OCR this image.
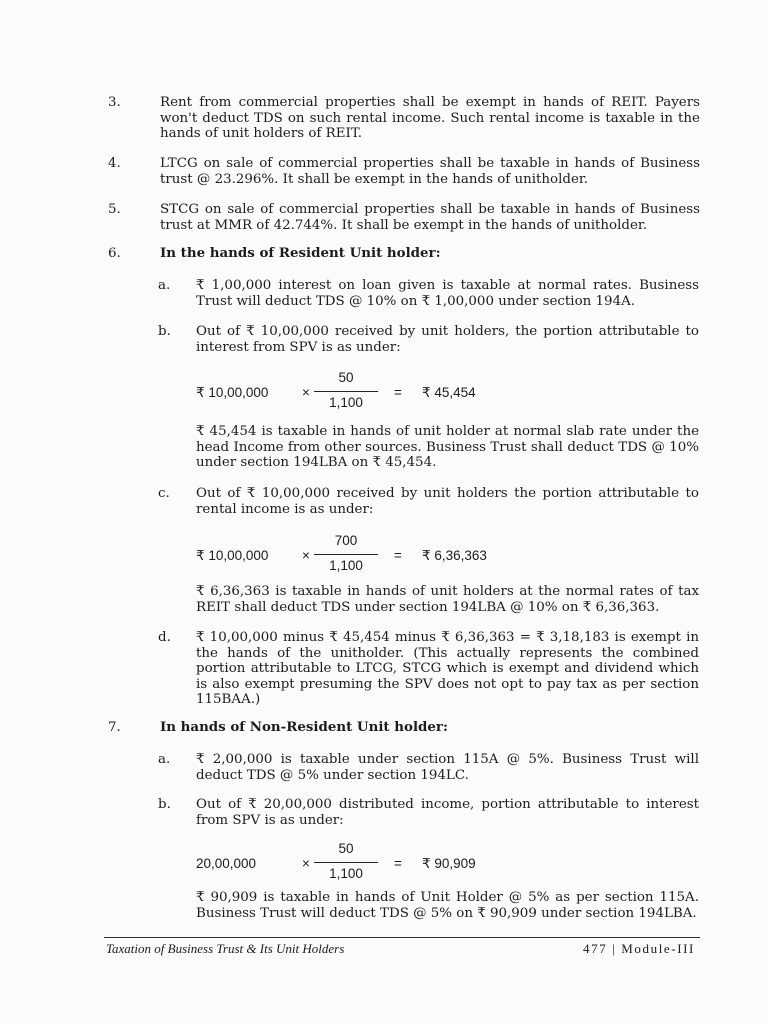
3.	Rent from commercial properties shall be exempt in hands of REIT. Payers won't deduct TDS on such rental income. Such rental income is taxable in the hands of unit holders of REIT.
4.	LTCG on sale of commercial properties shall be taxable in hands of Business trust @ 23.296%. It shall be exempt in the hands of unitholder.
5.	STCG on sale of commercial properties shall be taxable in hands of Business trust at MMR of 42.744%. It shall be exempt in the hands of unitholder.
6.	In the hands of Resident Unit holder:
a. ₹ 1,00,000 interest on loan given is taxable at normal rates. Business Trust will deduct TDS @ 10% on ₹ 1,00,000 under section 194A.
b. Out of ₹ 10,00,000 received by unit holders, the portion attributable to interest from SPV is as under:
₹ 10,00,000 ×
50
1,100
= ₹ 45,454
₹ 45,454 is taxable in hands of unit holder at normal slab rate under the head Income from other sources. Business Trust shall deduct TDS @ 10% under section 194LBA on ₹ 45,454.
c. Out of ₹ 10,00,000 received by unit holders the portion attributable to rental income is as under:
₹ 10,00,000 ×
700
1,100
= ₹ 6,36,363
₹ 6,36,363 is taxable in hands of unit holders at the normal rates of tax REIT shall deduct TDS under section 194LBA @ 10% on ₹ 6,36,363.
d. ₹ 10,00,000 minus ₹ 45,454 minus ₹ 6,36,363 = ₹ 3,18,183 is exempt in the hands of the unitholder. (This actually represents the combined portion attributable to LTCG, STCG which is exempt and dividend which is also exempt presuming the SPV does not opt to pay tax as per section 115BAA.)
7.	In hands of Non-Resident Unit holder:
a. ₹ 2,00,000 is taxable under section 115A @ 5%. Business Trust will deduct TDS @ 5% under section 194LC.
b. Out of ₹ 20,00,000 distributed income, portion attributable to interest from SPV is as under:
20,00,000	×
50
1,100
= ₹ 90,909
₹ 90,909 is taxable in hands of Unit Holder @ 5% as per section 115A. Business Trust will deduct TDS @ 5% on ₹ 90,909 under section 194LBA.
Taxation of Business Trust & Its Unit Holders	477 | Module-III
